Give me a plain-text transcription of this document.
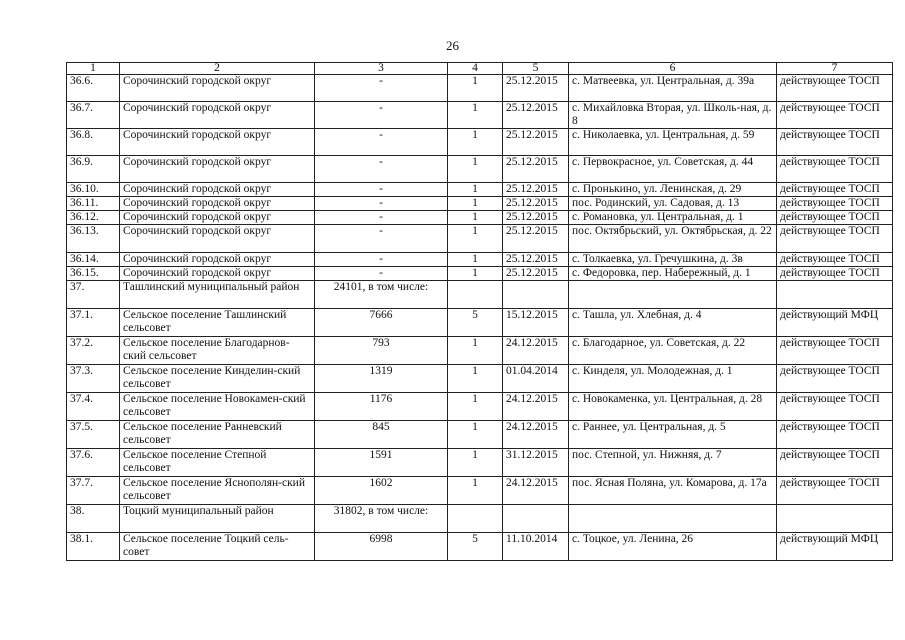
26
1	2	3	4	5	6	7
36.6.	Сорочинский городской округ	-	1	25.12.2015	с. Матвеевка, ул. Центральная, д. 39а	действующее ТОСП
36.7.	Сорочинский городской округ	-	1	25.12.2015	с. Михайловка Вторая, ул. Школь-ная, д. 8	действующее ТОСП
36.8.	Сорочинский городской округ	-	1	25.12.2015	с. Николаевка, ул. Центральная, д. 59	действующее ТОСП
36.9.	Сорочинский городской округ	-	1	25.12.2015	с. Первокрасное, ул. Советская, д. 44	действующее ТОСП
36.10.	Сорочинский городской округ	-	1	25.12.2015	с. Пронькино, ул. Ленинская, д. 29	действующее ТОСП
36.11.	Сорочинский городской округ	-	1	25.12.2015	пос. Родинский, ул. Садовая, д. 13	действующее ТОСП
36.12.	Сорочинский городской округ	-	1	25.12.2015	с. Романовка, ул. Центральная, д. 1	действующее ТОСП
36.13.	Сорочинский городской округ	-	1	25.12.2015	пос. Октябрьский, ул. Октябрьская, д. 22	действующее ТОСП
36.14.	Сорочинский городской округ	-	1	25.12.2015	с. Толкаевка, ул. Гречушкина, д. 3в	действующее ТОСП
36.15.	Сорочинский городской округ	-	1	25.12.2015	с. Федоровка, пер. Набережный, д. 1	действующее ТОСП
37.	Ташлинский муниципальный район	24101, в том числе:				
37.1.	Сельское поселение Ташлинский сельсовет	7666	5	15.12.2015	с. Ташла, ул. Хлебная, д. 4	действующий МФЦ
37.2.	Сельское поселение Благодарнов-ский сельсовет	793	1	24.12.2015	с. Благодарное, ул. Советская, д. 22	действующее ТОСП
37.3.	Сельское поселение Кинделин-ский сельсовет	1319	1	01.04.2014	с. Кинделя, ул. Молодежная, д. 1	действующее ТОСП
37.4.	Сельское поселение Новокамен-ский сельсовет	1176	1	24.12.2015	с. Новокаменка, ул. Центральная, д. 28	действующее ТОСП
37.5.	Сельское поселение Ранневский сельсовет	845	1	24.12.2015	с. Раннее, ул. Центральная, д. 5	действующее ТОСП
37.6.	Сельское поселение Степной сельсовет	1591	1	31.12.2015	пос. Степной, ул. Нижняя, д. 7	действующее ТОСП
37.7.	Сельское поселение Яснополян-ский сельсовет	1602	1	24.12.2015	пос. Ясная Поляна, ул. Комарова, д. 17а	действующее ТОСП
38.	Тоцкий муниципальный район	31802, в том числе:				
38.1.	Сельское поселение Тоцкий сель-совет	6998	5	11.10.2014	с. Тоцкое, ул. Ленина, 26	действующий МФЦ
